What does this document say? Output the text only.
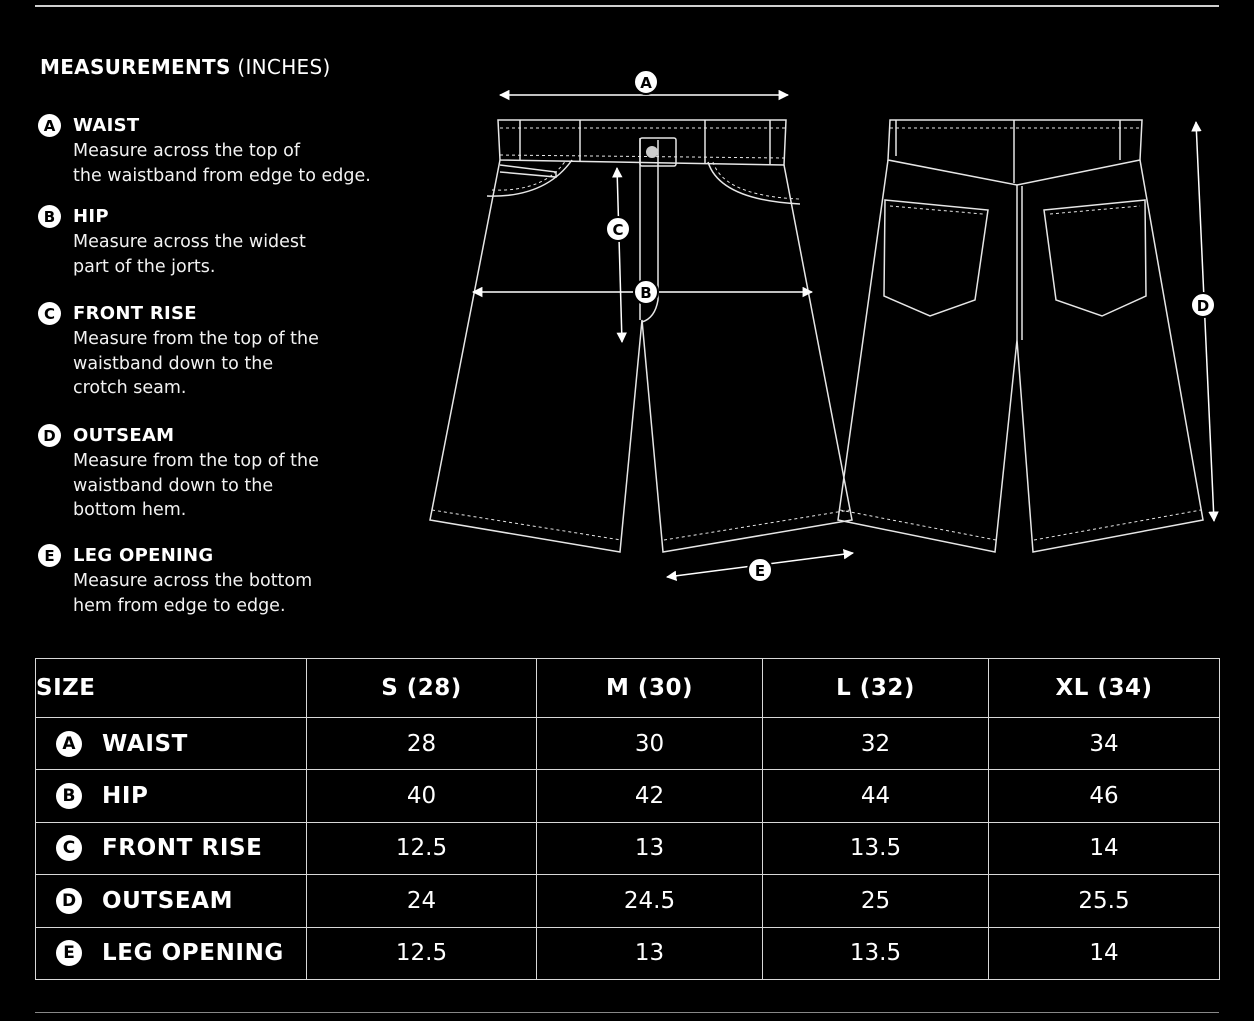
MEASUREMENTS (INCHES)
A WAIST
Measure across the top of
the waistband from edge to edge.
B HIP
Measure across the widest
part of the jorts.
C	FRONT RISE
Measure from the top of the
waistband down to the
crotch seam.
D OUTSEAM
Measure from the top of the
waistband down to the
bottom hem.
E	LEG OPENING
Measure across the bottom
hem from edge to edge.
A
B
C
D
E
SIZE	S (28)	M (30)	L (32)	XL (34)

A WAIST	28	30	32	34

B HIP	40	42	44	46

C FRONT RISE	12.5	13	13.5	14

D OUTSEAM	24	24.5	25	25.5

E LEG OPENING	12.5	13	13.5	14
